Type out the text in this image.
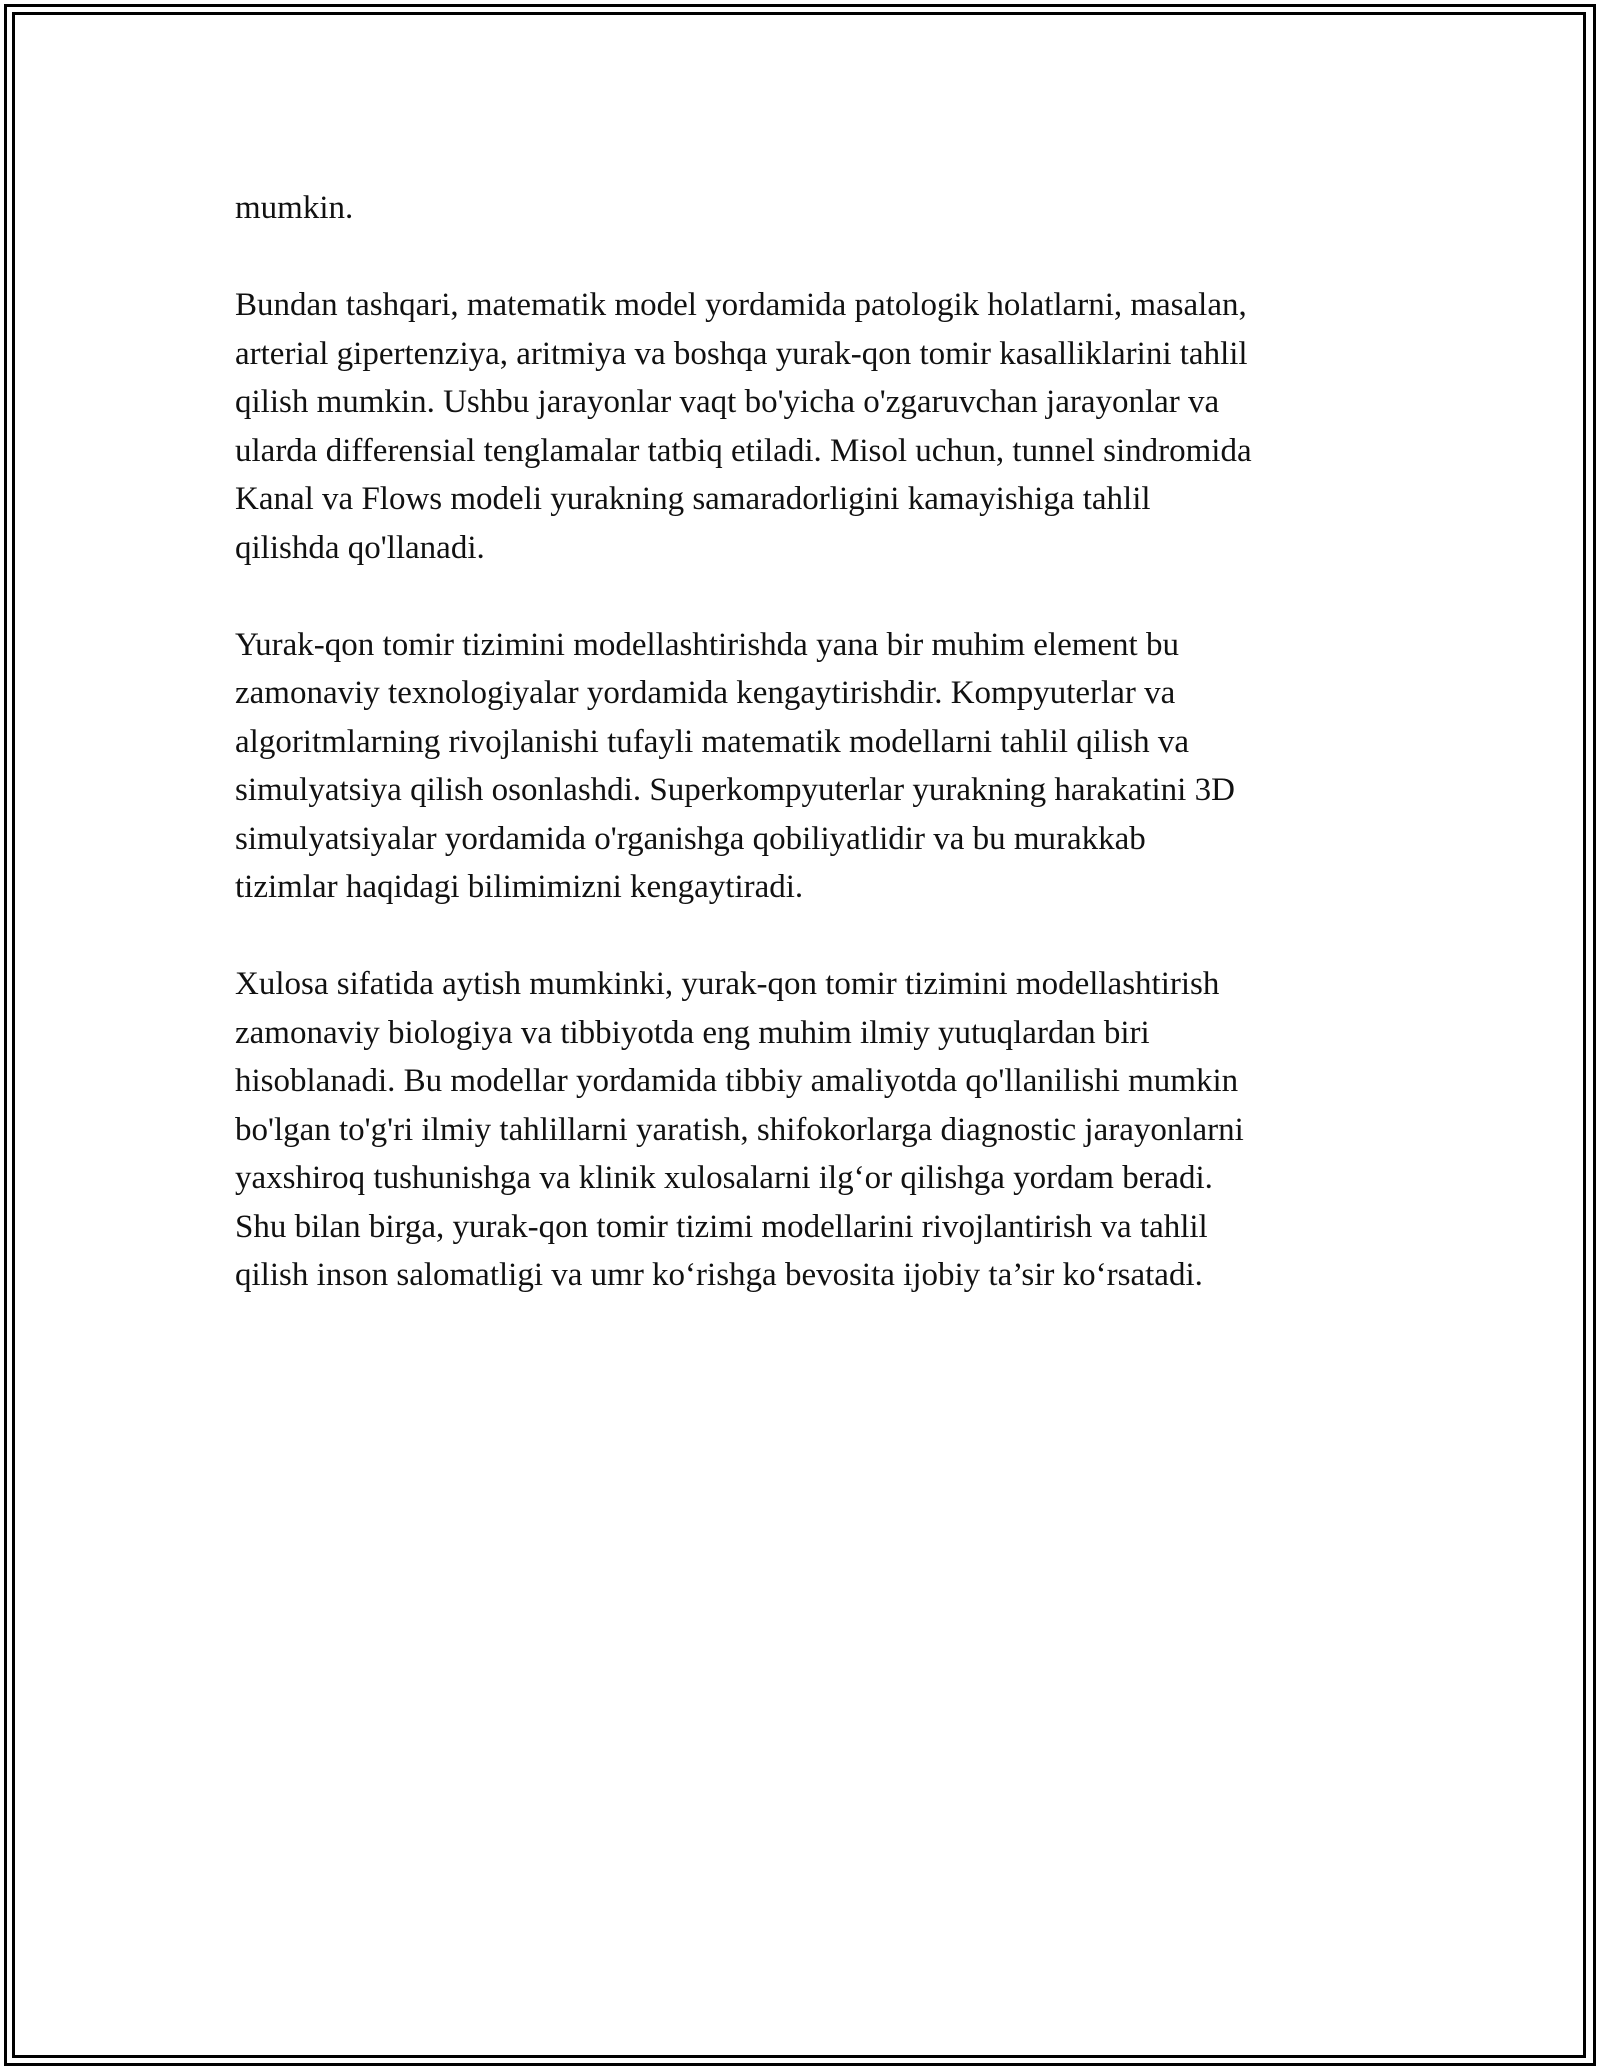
mumkin.

Bundan tashqari, matematik model yordamida patologik holatlarni, masalan,
arterial gipertenziya, aritmiya va boshqa yurak-qon tomir kasalliklarini tahlil
qilish mumkin. Ushbu jarayonlar vaqt bo'yicha o'zgaruvchan jarayonlar va
ularda differensial tenglamalar tatbiq etiladi. Misol uchun, tunnel sindromida
Kanal va Flows modeli yurakning samaradorligini kamayishiga tahlil
qilishda qo'llanadi.

Yurak-qon tomir tizimini modellashtirishda yana bir muhim element bu
zamonaviy texnologiyalar yordamida kengaytirishdir. Kompyuterlar va
algoritmlarning rivojlanishi tufayli matematik modellarni tahlil qilish va
simulyatsiya qilish osonlashdi. Superkompyuterlar yurakning harakatini 3D
simulyatsiyalar yordamida o'rganishga qobiliyatlidir va bu murakkab
tizimlar haqidagi bilimimizni kengaytiradi.

Xulosa sifatida aytish mumkinki, yurak-qon tomir tizimini modellashtirish
zamonaviy biologiya va tibbiyotda eng muhim ilmiy yutuqlardan biri
hisoblanadi. Bu modellar yordamida tibbiy amaliyotda qo'llanilishi mumkin
bo'lgan to'g'ri ilmiy tahlillarni yaratish, shifokorlarga diagnostic jarayonlarni
yaxshiroq tushunishga va klinik xulosalarni ilg‘or qilishga yordam beradi.
Shu bilan birga, yurak-qon tomir tizimi modellarini rivojlantirish va tahlil
qilish inson salomatligi va umr ko‘rishga bevosita ijobiy ta’sir ko‘rsatadi.
